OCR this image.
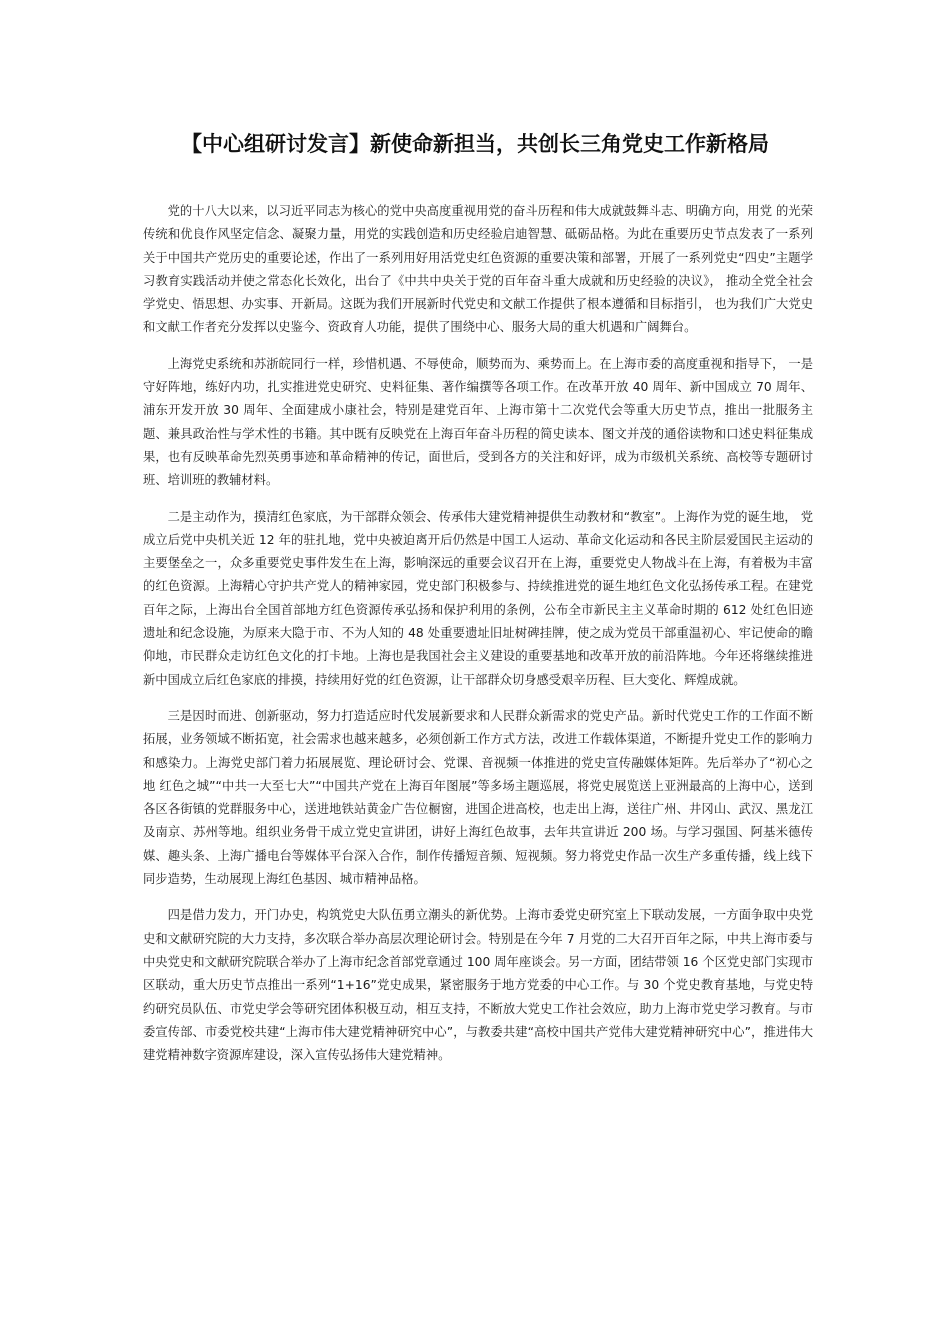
【中心组研讨发言】新使命新担当，共创长三角党史工作新格局

党的十八大以来，以习近平同志为核心的党中央高度重视用党的奋斗历程和伟大成就鼓舞斗志、明确方向，用党 的光荣传统和优良作风坚定信念、凝聚力量，用党的实践创造和历史经验启迪智慧、砥砺品格。为此在重要历史节点发表了一系列关于中国共产党历史的重要论述，作出了一系列用好用活党史红色资源的重要决策和部署，开展了一系列党史“四史”主题学习教育实践活动并使之常态化长效化，出台了《中共中央关于党的百年奋斗重大成就和历史经验的决议》， 推动全党全社会学党史、悟思想、办实事、开新局。这既为我们开展新时代党史和文献工作提供了根本遵循和目标指引， 也为我们广大党史和文献工作者充分发挥以史鉴今、资政育人功能，提供了围绕中心、服务大局的重大机遇和广阔舞台。

上海党史系统和苏浙皖同行一样，珍惜机遇、不辱使命，顺势而为、乘势而上。在上海市委的高度重视和指导下， 一是守好阵地，练好内功，扎实推进党史研究、史料征集、著作编撰等各项工作。在改革开放 40 周年、新中国成立 70 周年、浦东开发开放 30 周年、全面建成小康社会，特别是建党百年、上海市第十二次党代会等重大历史节点，推出一批服务主题、兼具政治性与学术性的书籍。其中既有反映党在上海百年奋斗历程的简史读本、图文并茂的通俗读物和口述史料征集成果，也有反映革命先烈英勇事迹和革命精神的传记，面世后，受到各方的关注和好评，成为市级机关系统、高校等专题研讨班、培训班的教辅材料。

二是主动作为，摸清红色家底，为干部群众领会、传承伟大建党精神提供生动教材和“教室”。上海作为党的诞生地， 党成立后党中央机关近 12 年的驻扎地，党中央被迫离开后仍然是中国工人运动、革命文化运动和各民主阶层爱国民主运动的主要堡垒之一，众多重要党史事件发生在上海，影响深远的重要会议召开在上海，重要党史人物战斗在上海，有着极为丰富的红色资源。上海精心守护共产党人的精神家园，党史部门积极参与、持续推进党的诞生地红色文化弘扬传承工程。在建党百年之际，上海出台全国首部地方红色资源传承弘扬和保护利用的条例，公布全市新民主主义革命时期的 612 处红色旧迹遗址和纪念设施，为原来大隐于市、不为人知的 48 处重要遗址旧址树碑挂牌，使之成为党员干部重温初心、牢记使命的瞻仰地，市民群众走访红色文化的打卡地。上海也是我国社会主义建设的重要基地和改革开放的前沿阵地。今年还将继续推进新中国成立后红色家底的排摸，持续用好党的红色资源，让干部群众切身感受艰辛历程、巨大变化、辉煌成就。

三是因时而进、创新驱动，努力打造适应时代发展新要求和人民群众新需求的党史产品。新时代党史工作的工作面不断拓展，业务领域不断拓宽，社会需求也越来越多，必须创新工作方式方法，改进工作载体渠道，不断提升党史工作的影响力和感染力。上海党史部门着力拓展展览、理论研讨会、党课、音视频一体推进的党史宣传融媒体矩阵。先后举办了“初心之地 红色之城”“中共一大至七大”“中国共产党在上海百年图展”等多场主题巡展，将党史展览送上亚洲最高的上海中心，送到各区各街镇的党群服务中心，送进地铁站黄金广告位橱窗，进国企进高校，也走出上海，送往广州、井冈山、武汉、黑龙江及南京、苏州等地。组织业务骨干成立党史宣讲团，讲好上海红色故事，去年共宣讲近 200 场。与学习强国、阿基米德传媒、趣头条、上海广播电台等媒体平台深入合作，制作传播短音频、短视频。努力将党史作品一次生产多重传播，线上线下同步造势，生动展现上海红色基因、城市精神品格。

四是借力发力，开门办史，构筑党史大队伍勇立潮头的新优势。上海市委党史研究室上下联动发展，一方面争取中央党史和文献研究院的大力支持，多次联合举办高层次理论研讨会。特别是在今年 7 月党的二大召开百年之际，中共上海市委与中央党史和文献研究院联合举办了上海市纪念首部党章通过 100 周年座谈会。另一方面，团结带领 16 个区党史部门实现市区联动，重大历史节点推出一系列“1+16”党史成果，紧密服务于地方党委的中心工作。与 30 个党史教育基地，与党史特约研究员队伍、市党史学会等研究团体积极互动，相互支持，不断放大党史工作社会效应，助力上海市党史学习教育。与市委宣传部、市委党校共建“上海市伟大建党精神研究中心”，与教委共建“高校中国共产党伟大建党精神研究中心”，推进伟大建党精神数字资源库建设，深入宣传弘扬伟大建党精神。
